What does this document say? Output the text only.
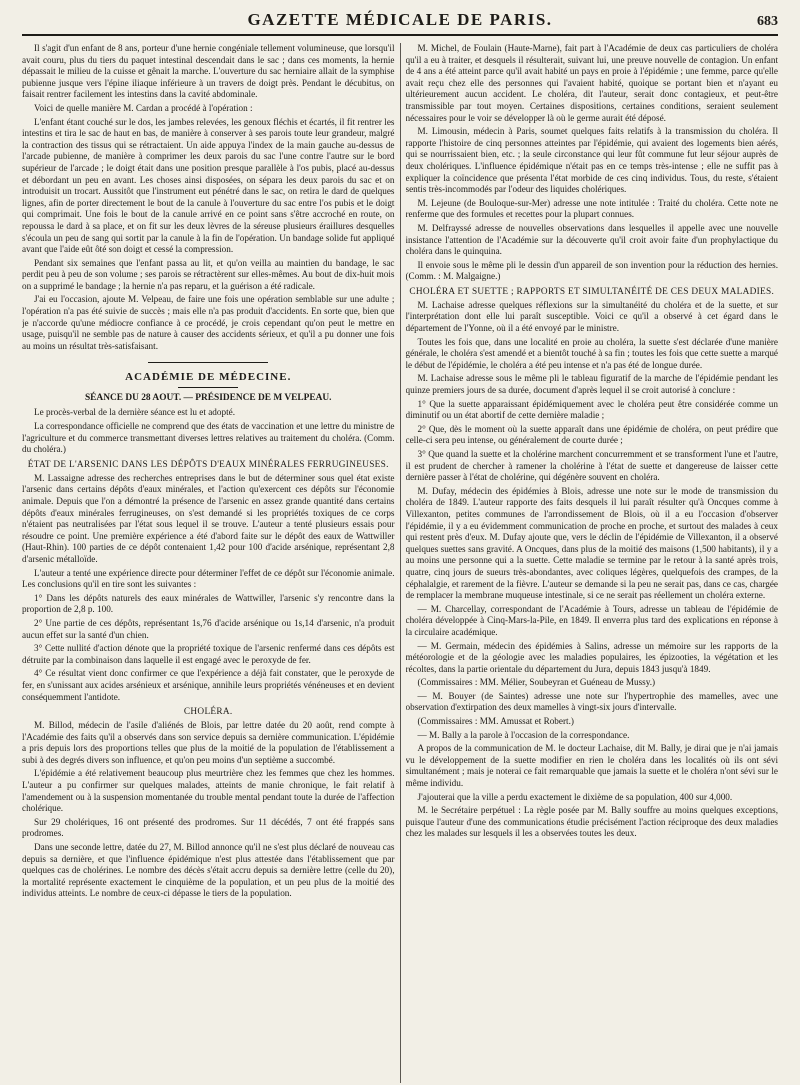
GAZETTE MÉDICALE DE PARIS.	683

Il s'agit d'un enfant de 8 ans, porteur d'une hernie congéniale tellement volumineuse, que lorsqu'il avait couru, plus du tiers du paquet intestinal descendait dans le sac ; dans ces moments, la hernie dépassait le milieu de la cuisse et gênait la marche. L'ouverture du sac herniaire allait de la symphise pubienne jusque vers l'épine iliaque inférieure à un travers de doigt près. Pendant le décubitus, on faisait rentrer facilement les intestins dans la cavité abdominale.

Voici de quelle manière M. Cardan a procédé à l'opération :

L'enfant étant couché sur le dos, les jambes relevées, les genoux fléchis et écartés, il fit rentrer les intestins et tira le sac de haut en bas, de manière à conserver à ses parois toute leur grandeur, malgré la contraction des tissus qui se rétractaient. Un aide appuya l'index de la main gauche au-dessus de l'arcade pubienne, de manière à comprimer les deux parois du sac l'une contre l'autre sur le bord supérieur de l'arcade ; le doigt était dans une position presque parallèle à l'os pubis, placé au-dessus et débordant un peu en avant. Les choses ainsi disposées, on sépara les deux parois du sac et on introduisit un trocart. Aussitôt que l'instrument eut pénétré dans le sac, on retira le dard de quelques lignes, afin de porter directement le bout de la canule à l'ouverture du sac entre l'os pubis et le doigt qui comprimait. Une fois le bout de la canule arrivé en ce point sans s'être accroché en route, on repoussa le dard à sa place, et on fit sur les deux lèvres de la séreuse plusieurs éraillures desquelles s'écoula un peu de sang qui sortit par la canule à la fin de l'opération. Un bandage solide fut appliqué avant que l'aide eût ôté son doigt et cessé la compression.

Pendant six semaines que l'enfant passa au lit, et qu'on veilla au maintien du bandage, le sac perdit peu à peu de son volume ; ses parois se rétractèrent sur elles-mêmes. Au bout de dix-huit mois on a supprimé le bandage ; la hernie n'a pas reparu, et la guérison a été radicale.

J'ai eu l'occasion, ajoute M. Velpeau, de faire une fois une opération semblable sur une adulte ; l'opération n'a pas été suivie de succès ; mais elle n'a pas produit d'accidents. En sorte que, bien que je n'accorde qu'une médiocre confiance à ce procédé, je crois cependant qu'on peut le mettre en usage, puisqu'il ne semble pas de nature à causer des accidents sérieux, et qu'il a pu donner une fois au moins un résultat très-satisfaisant.

ACADÉMIE DE MÉDECINE.
SÉANCE DU 28 AOUT. — PRÉSIDENCE DE M VELPEAU.

Le procès-verbal de la dernière séance est lu et adopté.

La correspondance officielle ne comprend que des états de vaccination et une lettre du ministre de l'agriculture et du commerce transmettant diverses lettres relatives au traitement du choléra. (Comm. du choléra.)

ÉTAT DE L'ARSENIC DANS LES DÉPÔTS D'EAUX MINÉRALES FERRUGINEUSES.

M. Lassaigne adresse des recherches entreprises dans le but de déterminer sous quel état existe l'arsenic dans certains dépôts d'eaux minérales, et l'action qu'exercent ces dépôts sur l'économie animale. Depuis que l'on a démontré la présence de l'arsenic en assez grande quantité dans certains dépôts d'eaux minérales ferrugineuses, on s'est demandé si les propriétés toxiques de ce corps n'étaient pas neutralisées par l'état sous lequel il se trouve. L'auteur a tenté plusieurs essais pour résoudre ce point. Une première expérience a été d'abord faite sur le dépôt des eaux de Wattwiller (Haut-Rhin). 100 parties de ce dépôt contenaient 1,42 pour 100 d'acide arsénique, représentant 2,8 d'arsenic métalloïde.

L'auteur a tenté une expérience directe pour déterminer l'effet de ce dépôt sur l'économie animale. Les conclusions qu'il en tire sont les suivantes :

1° Dans les dépôts naturels des eaux minérales de Wattwiller, l'arsenic s'y rencontre dans la proportion de 2,8 p. 100.

2° Une partie de ces dépôts, représentant 1s,76 d'acide arsénique ou 1s,14 d'arsenic, n'a produit aucun effet sur la santé d'un chien.

3° Cette nullité d'action dénote que la propriété toxique de l'arsenic renfermé dans ces dépôts est détruite par la combinaison dans laquelle il est engagé avec le peroxyde de fer.

4° Ce résultat vient donc confirmer ce que l'expérience a déjà fait constater, que le peroxyde de fer, en s'unissant aux acides arsénieux et arsénique, annihile leurs propriétés vénéneuses et en devient conséquemment l'antidote.

CHOLÉRA.

M. Billod, médecin de l'asile d'aliénés de Blois, par lettre datée du 20 août, rend compte à l'Académie des faits qu'il a observés dans son service depuis sa dernière communication. L'épidémie a pris depuis lors des proportions telles que plus de la moitié de la population de l'établissement a subi à des degrés divers son influence, et qu'on peu moins d'un septième a succombé.

L'épidémie a été relativement beaucoup plus meurtrière chez les femmes que chez les hommes. L'auteur a pu confirmer sur quelques malades, atteints de manie chronique, le fait relatif à l'amendement ou à la suspension momentanée du trouble mental pendant toute la durée de l'affection cholérique.

Sur 29 cholériques, 16 ont présenté des prodromes. Sur 11 décédés, 7 ont été frappés sans prodromes.

Dans une seconde lettre, datée du 27, M. Billod annonce qu'il ne s'est plus déclaré de nouveau cas depuis sa dernière, et que l'influence épidémique n'est plus attestée dans l'établissement que par quelques cas de cholérines. Le nombre des décès s'était accru depuis sa dernière lettre (celle du 20), la mortalité représente exactement le cinquième de la population, et un peu plus de la moitié des individus atteints. Le nombre de ceux-ci dépasse le tiers de la population.

M. Michel, de Foulain (Haute-Marne), fait part à l'Académie de deux cas particuliers de choléra qu'il a eu à traiter, et desquels il résulterait, suivant lui, une preuve nouvelle de contagion. Un enfant de 4 ans a été atteint parce qu'il avait habité un pays en proie à l'épidémie ; une femme, parce qu'elle avait reçu chez elle des personnes qui l'avaient habité, quoique se portant bien et n'ayant eu ultérieurement aucun accident. Le choléra, dit l'auteur, serait donc contagieux, et peut-être transmissible par tout moyen. Certaines dispositions, certaines conditions, seraient seulement nécessaires pour le voir se développer là où le germe aurait été déposé.

M. Limousin, médecin à Paris, soumet quelques faits relatifs à la transmission du choléra. Il rapporte l'histoire de cinq personnes atteintes par l'épidémie, qui avaient des logements bien aérés, qui se nourrissaient bien, etc. ; la seule circonstance qui leur fût commune fut leur séjour auprès de deux cholériques. L'influence épidémique n'était pas en ce temps très-intense ; elle ne suffit pas à expliquer la coïncidence que présenta l'état morbide de ces cinq individus. Tous, du reste, s'étaient sentis très-incommodés par l'odeur des liquides cholériques.

M. Lejeune (de Bouloque-sur-Mer) adresse une note intitulée : Traité du choléra. Cette note ne renferme que des formules et recettes pour la plupart connues.

M. Delfrayssé adresse de nouvelles observations dans lesquelles il appelle avec une nouvelle insistance l'attention de l'Académie sur la découverte qu'il croit avoir faite d'un prophylactique du choléra dans le quinquina.

Il envoie sous le même pli le dessin d'un appareil de son invention pour la réduction des hernies. (Comm. : M. Malgaigne.)

CHOLÉRA ET SUETTE ; RAPPORTS ET SIMULTANÉITÉ DE CES DEUX MALADIES.

M. Lachaise adresse quelques réflexions sur la simultanéité du choléra et de la suette, et sur l'interprétation dont elle lui paraît susceptible. Voici ce qu'il a observé à cet égard dans le département de l'Yonne, où il a été envoyé par le ministre.

Toutes les fois que, dans une localité en proie au choléra, la suette s'est déclarée d'une manière générale, le choléra s'est amendé et a bientôt touché à sa fin ; toutes les fois que cette suette a marqué le début de l'épidémie, le choléra a été peu intense et n'a pas été de longue durée.

M. Lachaise adresse sous le même pli le tableau figuratif de la marche de l'épidémie pendant les quinze premiers jours de sa durée, document d'après lequel il se croit autorisé à conclure :

1° Que la suette apparaissant épidémiquement avec le choléra peut être considérée comme un diminutif ou un état abortif de cette dernière maladie ;

2° Que, dès le moment où la suette apparaît dans une épidémie de choléra, on peut prédire que celle-ci sera peu intense, ou généralement de courte durée ;

3° Que quand la suette et la cholérine marchent concurremment et se transforment l'une et l'autre, il est prudent de chercher à ramener la cholérine à l'état de suette et dangereuse de laisser cette dernière passer à l'état de cholérine, qui dégénère souvent en choléra.

M. Dufay, médecin des épidémies à Blois, adresse une note sur le mode de transmission du choléra de 1849. L'auteur rapporte des faits desquels il lui paraît résulter qu'à Oncques comme à Villexanton, petites communes de l'arrondissement de Blois, où il a eu l'occasion d'observer l'épidémie, il y a eu évidemment communication de proche en proche, et surtout des malades à ceux qui restent près d'eux. M. Dufay ajoute que, vers le déclin de l'épidémie de Villexanton, il a observé quelques suettes sans gravité. A Oncques, dans plus de la moitié des maisons (1,500 habitants), il y a au moins une personne qui a la suette. Cette maladie se termine par le retour à la santé après trois, quatre, cinq jours de sueurs très-abondantes, avec coliques légères, quelquefois des crampes, de la céphalalgie, et rarement de la fièvre. L'auteur se demande si la peu ne serait pas, dans ce cas, chargée de remplacer la membrane muqueuse intestinale, si ce ne serait pas réellement un choléra externe.

— M. Charcellay, correspondant de l'Académie à Tours, adresse un tableau de l'épidémie de choléra développée à Cinq-Mars-la-Pile, en 1849. Il enverra plus tard des explications en réponse à la circulaire académique.

— M. Germain, médecin des épidémies à Salins, adresse un mémoire sur les rapports de la météorologie et de la géologie avec les maladies populaires, les épizooties, la végétation et les récoltes, dans la partie orientale du département du Jura, depuis 1843 jusqu'à 1849.

(Commissaires : MM. Mélier, Soubeyran et Guéneau de Mussy.)

— M. Bouyer (de Saintes) adresse une note sur l'hypertrophie des mamelles, avec une observation d'extirpation des deux mamelles à vingt-six jours d'intervalle.

(Commissaires : MM. Amussat et Robert.)

— M. Bally a la parole à l'occasion de la correspondance.

A propos de la communication de M. le docteur Lachaise, dit M. Bally, je dirai que je n'ai jamais vu le développement de la suette modifier en rien le choléra dans les localités où ils ont sévi simultanément ; mais je noterai ce fait remarquable que jamais la suette et le choléra n'ont sévi sur le même individu.

J'ajouterai que la ville a perdu exactement le dixième de sa population, 400 sur 4,000.

M. le Secrétaire perpétuel : La règle posée par M. Bally souffre au moins quelques exceptions, puisque l'auteur d'une des communications étudie précisément l'action réciproque des deux maladies chez les malades sur lesquels il les a observées toutes les deux.
